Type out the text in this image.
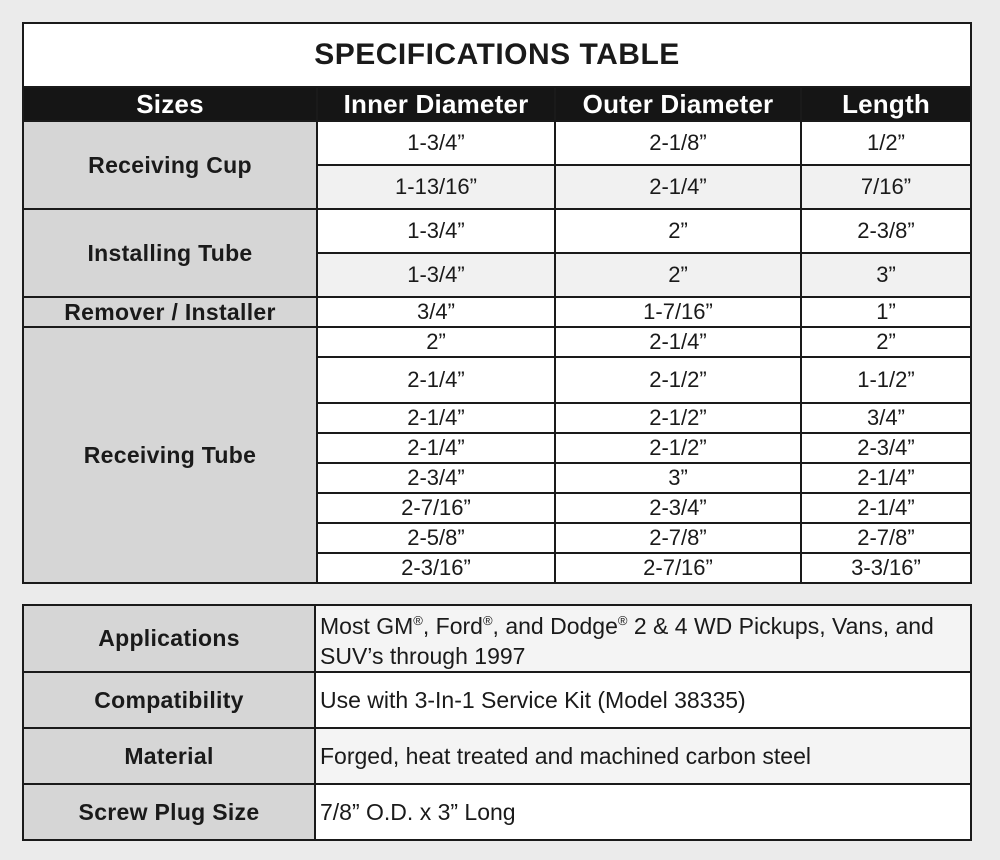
SPECIFICATIONS TABLE			
Sizes	Inner Diameter	Outer Diameter	Length
Receiving Cup	1-3/4”	2-1/8”	1/2”
	1-13/16”	2-1/4”	7/16”
Installing Tube	1-3/4”	2”	2-3/8”
	1-3/4”	2”	3”
Remover / Installer	3/4”	1-7/16”	1”
Receiving Tube	2”	2-1/4”	2”
	2-1/4”	2-1/2”	1-1/2”
	2-1/4”	2-1/2”	3/4”
	2-1/4”	2-1/2”	2-3/4”
	2-3/4”	3”	2-1/4”
	2-7/16”	2-3/4”	2-1/4”
	2-5/8”	2-7/8”	2-7/8”
	2-3/16”	2-7/16”	3-3/16”
Applications	Most GM®, Ford®, and Dodge® 2 & 4 WD Pickups, Vans, and SUV’s through 1997
Compatibility	Use with 3-In-1 Service Kit (Model 38335)
Material	Forged, heat treated and machined carbon steel
Screw Plug Size	7/8” O.D. x 3” Long
